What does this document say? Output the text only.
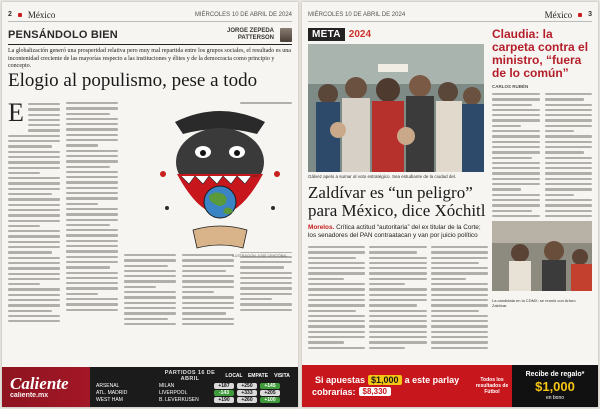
2 México	MIÉRCOLES 10 DE ABRIL DE 2024
PENSÁNDOLO BIEN	JORGE ZEPEDA
PATTERSON
La globalización generó una prosperidad relativa pero muy mal repartida entre los grupos sociales, el resultado es una incontenidad creciente de las mayorías respecto a las instituciones y élites y de la democracia como principio y concepto.
Elogio al populismo, pese a todo
E
ILUSTRACIÓN: JOSÉ CRISTÓBAL
Caliente
caliente.mx
PARTIDOS 16 DE ABRIL	LOCAL EMPATE	VISITA
ARSENAL	MILAN	+187	+250	+145
ATL. MADRID	LIVERPOOL	-143	+333	+205
WEST HAM	B. LEVERKUSEN	+190	+260	+100
MIÉRCOLES 10 DE ABRIL DE 2024	México 3
META 2024
Gálvez apelo a sumar al voto estratégico. Sea estudiante de la ciudad del.
Zaldívar es “un peligro” para México, dice Xóchitl
Morelos. Crítica actitud “autoritaria” del ex titular de la Corte; los senadores del PAN contraatacan y van por juicio político
Claudia: la carpeta contra el ministro, “fuera de lo común”
CARLOS RUBÉN
La candidata en la CDMX; se reunió con Arturo Zaldívar.
Si apuestas $1,000 a este parlay
cobrarías: $8,330
Todos los resultados de Fútbol
Recibe de regalo*
$1,000
en bono
